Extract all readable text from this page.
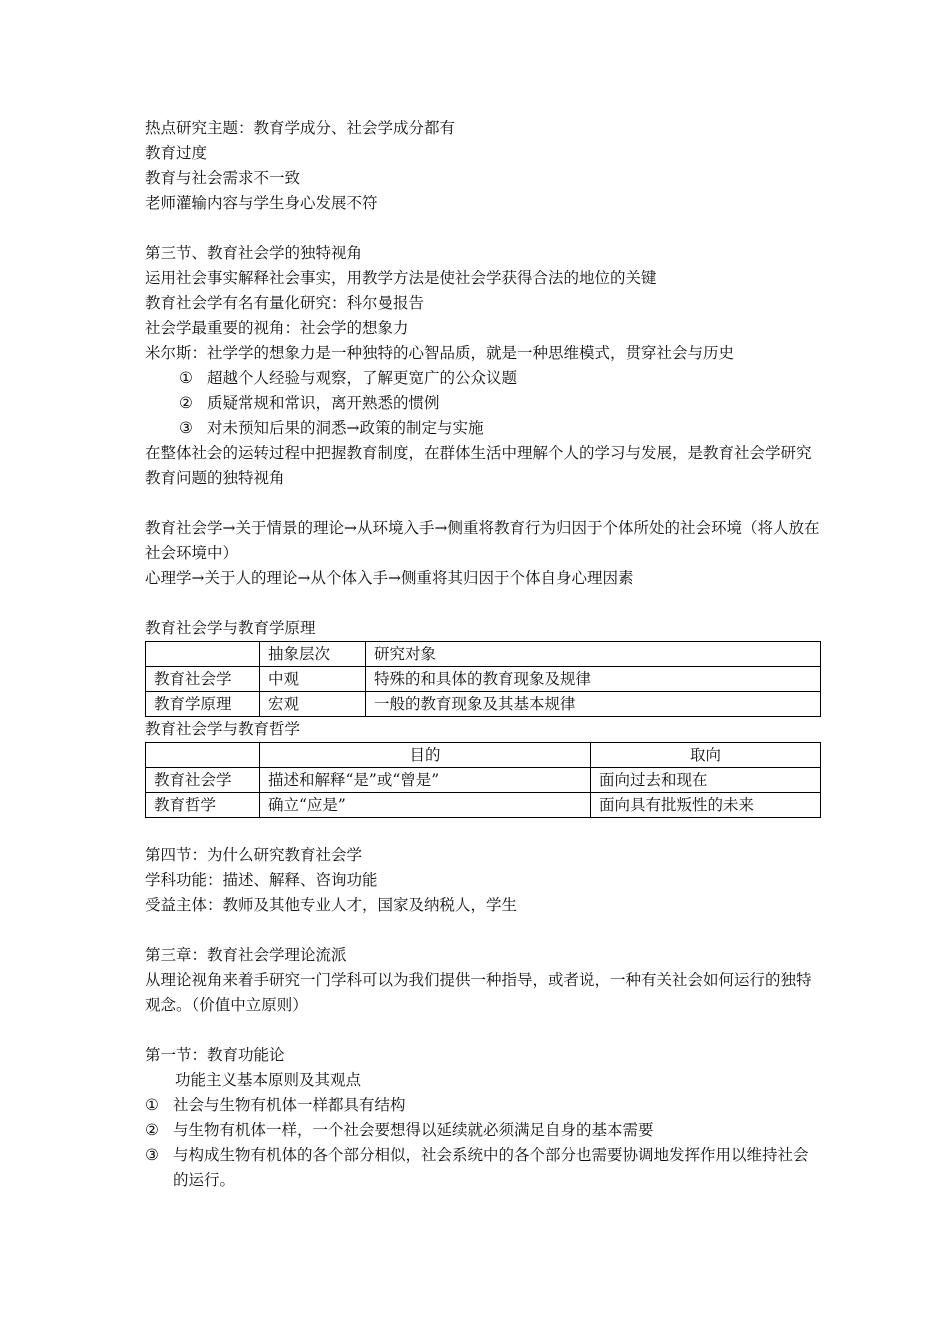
热点研究主题：教育学成分、社会学成分都有
教育过度
教育与社会需求不一致
老师灌输内容与学生身心发展不符
第三节、教育社会学的独特视角
运用社会事实解释社会事实，用教学方法是使社会学获得合法的地位的关键
教育社会学有名有量化研究：科尔曼报告
社会学最重要的视角：社会学的想象力
米尔斯：社学学的想象力是一种独特的心智品质，就是一种思维模式，贯穿社会与历史
① 超越个人经验与观察，了解更宽广的公众议题
② 质疑常规和常识，离开熟悉的惯例
③ 对未预知后果的洞悉→政策的制定与实施
在整体社会的运转过程中把握教育制度，在群体生活中理解个人的学习与发展，是教育社会学研究教育问题的独特视角
教育社会学→关于情景的理论→从环境入手→侧重将教育行为归因于个体所处的社会环境（将人放在社会环境中）
心理学→关于人的理论→从个体入手→侧重将其归因于个体自身心理因素
教育社会学与教育学原理
	抽象层次	研究对象
教育社会学	中观	特殊的和具体的教育现象及规律
教育学原理	宏观	一般的教育现象及其基本规律
教育社会学与教育哲学
	目的	取向
教育社会学	描述和解释“是”或“曾是”	面向过去和现在
教育哲学	确立“应是”	面向具有批叛性的未来
第四节：为什么研究教育社会学
学科功能：描述、解释、咨询功能
受益主体：教师及其他专业人才，国家及纳税人，学生
第三章：教育社会学理论流派
从理论视角来着手研究一门学科可以为我们提供一种指导，或者说，一种有关社会如何运行的独特观念。（价值中立原则）
第一节：教育功能论
功能主义基本原则及其观点
① 社会与生物有机体一样都具有结构
② 与生物有机体一样，一个社会要想得以延续就必须满足自身的基本需要
③ 与构成生物有机体的各个部分相似，社会系统中的各个部分也需要协调地发挥作用以维持社会的运行。
